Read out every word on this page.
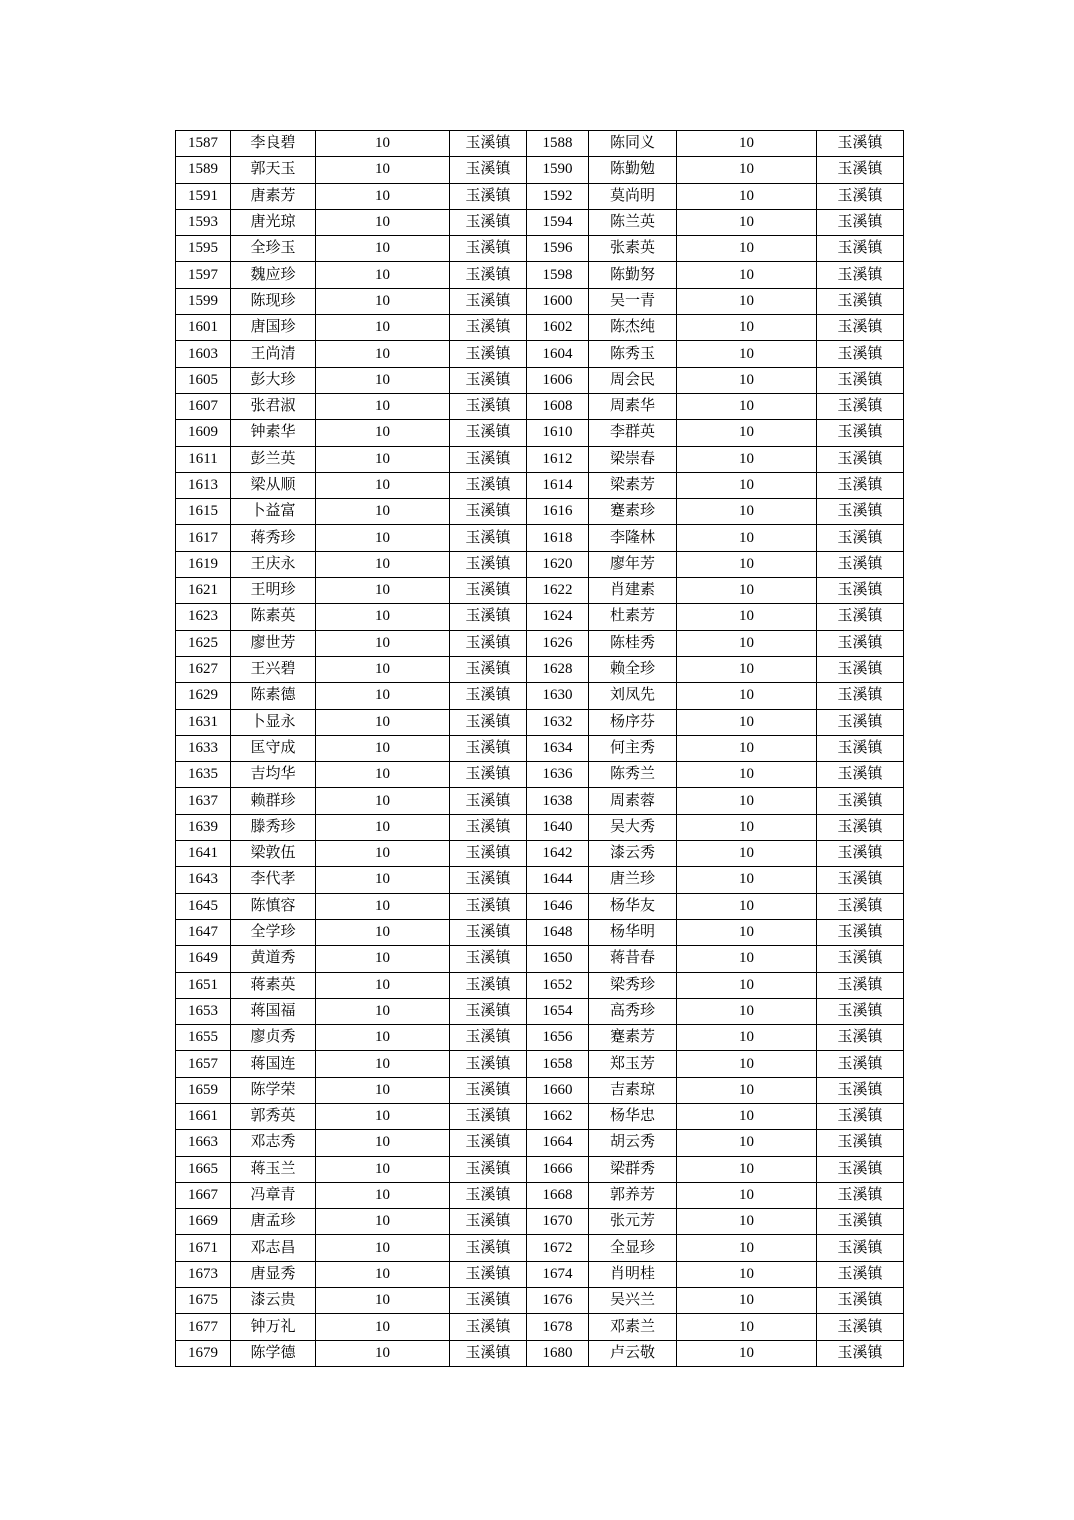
1587	李良碧	10	玉溪镇	1588	陈同义	10	玉溪镇
1589	郭天玉	10	玉溪镇	1590	陈勤勉	10	玉溪镇
1591	唐素芳	10	玉溪镇	1592	莫尚明	10	玉溪镇
1593	唐光琼	10	玉溪镇	1594	陈兰英	10	玉溪镇
1595	全珍玉	10	玉溪镇	1596	张素英	10	玉溪镇
1597	魏应珍	10	玉溪镇	1598	陈勤努	10	玉溪镇
1599	陈现珍	10	玉溪镇	1600	吴一青	10	玉溪镇
1601	唐国珍	10	玉溪镇	1602	陈杰纯	10	玉溪镇
1603	王尚清	10	玉溪镇	1604	陈秀玉	10	玉溪镇
1605	彭大珍	10	玉溪镇	1606	周会民	10	玉溪镇
1607	张君淑	10	玉溪镇	1608	周素华	10	玉溪镇
1609	钟素华	10	玉溪镇	1610	李群英	10	玉溪镇
1611	彭兰英	10	玉溪镇	1612	梁崇春	10	玉溪镇
1613	梁从顺	10	玉溪镇	1614	梁素芳	10	玉溪镇
1615	卜益富	10	玉溪镇	1616	蹇素珍	10	玉溪镇
1617	蒋秀珍	10	玉溪镇	1618	李隆林	10	玉溪镇
1619	王庆永	10	玉溪镇	1620	廖年芳	10	玉溪镇
1621	王明珍	10	玉溪镇	1622	肖建素	10	玉溪镇
1623	陈素英	10	玉溪镇	1624	杜素芳	10	玉溪镇
1625	廖世芳	10	玉溪镇	1626	陈桂秀	10	玉溪镇
1627	王兴碧	10	玉溪镇	1628	赖全珍	10	玉溪镇
1629	陈素德	10	玉溪镇	1630	刘凤先	10	玉溪镇
1631	卜显永	10	玉溪镇	1632	杨序芬	10	玉溪镇
1633	匡守成	10	玉溪镇	1634	何主秀	10	玉溪镇
1635	吉均华	10	玉溪镇	1636	陈秀兰	10	玉溪镇
1637	赖群珍	10	玉溪镇	1638	周素蓉	10	玉溪镇
1639	滕秀珍	10	玉溪镇	1640	吴大秀	10	玉溪镇
1641	梁敦伍	10	玉溪镇	1642	漆云秀	10	玉溪镇
1643	李代孝	10	玉溪镇	1644	唐兰珍	10	玉溪镇
1645	陈慎容	10	玉溪镇	1646	杨华友	10	玉溪镇
1647	全学珍	10	玉溪镇	1648	杨华明	10	玉溪镇
1649	黄道秀	10	玉溪镇	1650	蒋昔春	10	玉溪镇
1651	蒋素英	10	玉溪镇	1652	梁秀珍	10	玉溪镇
1653	蒋国福	10	玉溪镇	1654	高秀珍	10	玉溪镇
1655	廖贞秀	10	玉溪镇	1656	蹇素芳	10	玉溪镇
1657	蒋国连	10	玉溪镇	1658	郑玉芳	10	玉溪镇
1659	陈学荣	10	玉溪镇	1660	吉素琼	10	玉溪镇
1661	郭秀英	10	玉溪镇	1662	杨华忠	10	玉溪镇
1663	邓志秀	10	玉溪镇	1664	胡云秀	10	玉溪镇
1665	蒋玉兰	10	玉溪镇	1666	梁群秀	10	玉溪镇
1667	冯章青	10	玉溪镇	1668	郭养芳	10	玉溪镇
1669	唐孟珍	10	玉溪镇	1670	张元芳	10	玉溪镇
1671	邓志昌	10	玉溪镇	1672	全显珍	10	玉溪镇
1673	唐显秀	10	玉溪镇	1674	肖明桂	10	玉溪镇
1675	漆云贵	10	玉溪镇	1676	吴兴兰	10	玉溪镇
1677	钟万礼	10	玉溪镇	1678	邓素兰	10	玉溪镇
1679	陈学德	10	玉溪镇	1680	卢云敬	10	玉溪镇
